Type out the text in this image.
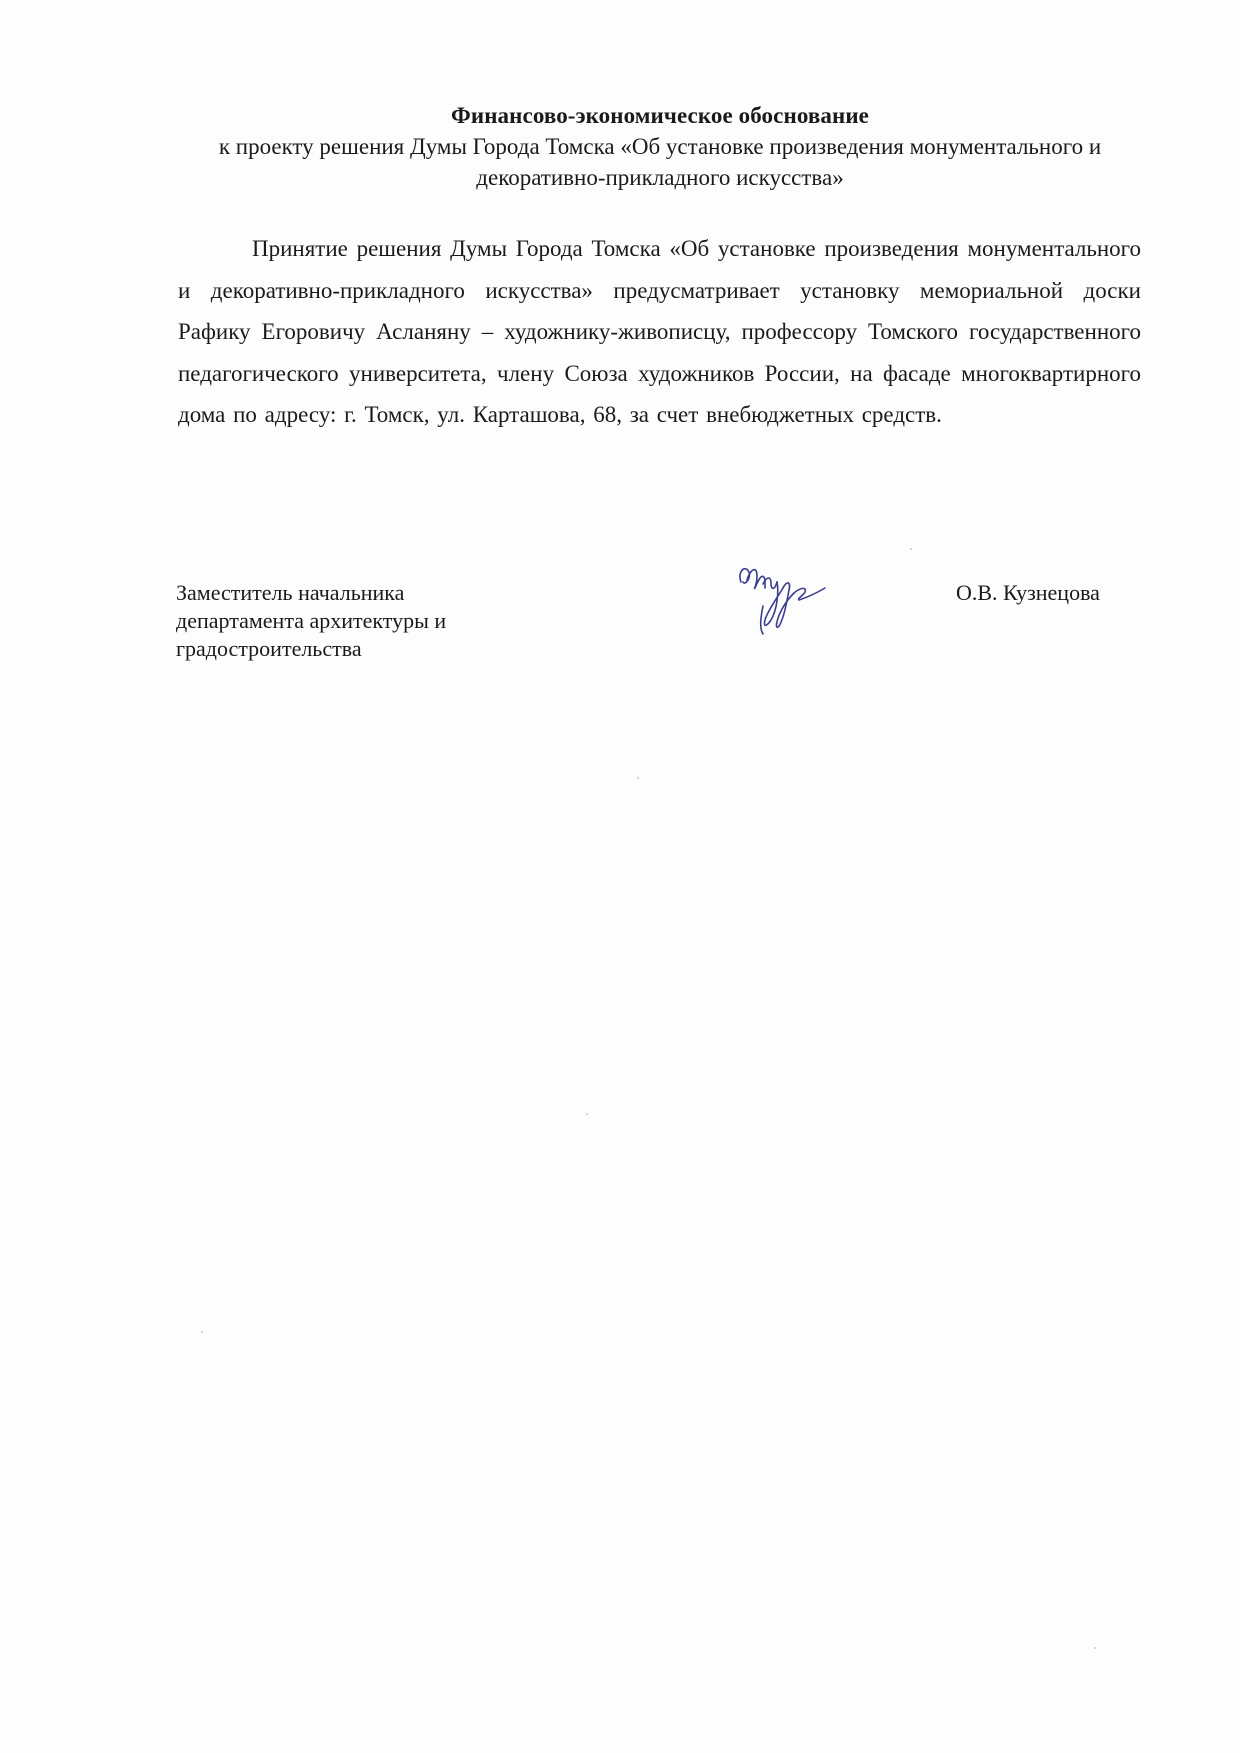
Финансово-экономическое обоснование
к проекту решения Думы Города Томска «Об установке произведения монументального и декоративно-прикладного искусства»

Принятие решения Думы Города Томска «Об установке произведения монументального и декоративно-прикладного искусства» предусматривает установку мемориальной доски Рафику Егоровичу Асланяну – художнику-живописцу, профессору Томского государственного педагогического университета, члену Союза художников России, на фасаде многоквартирного дома по адресу: г. Томск, ул. Карташова, 68, за счет внебюджетных средств.

Заместитель начальника
департамента архитектуры и
градостроительства
О.В. Кузнецова
